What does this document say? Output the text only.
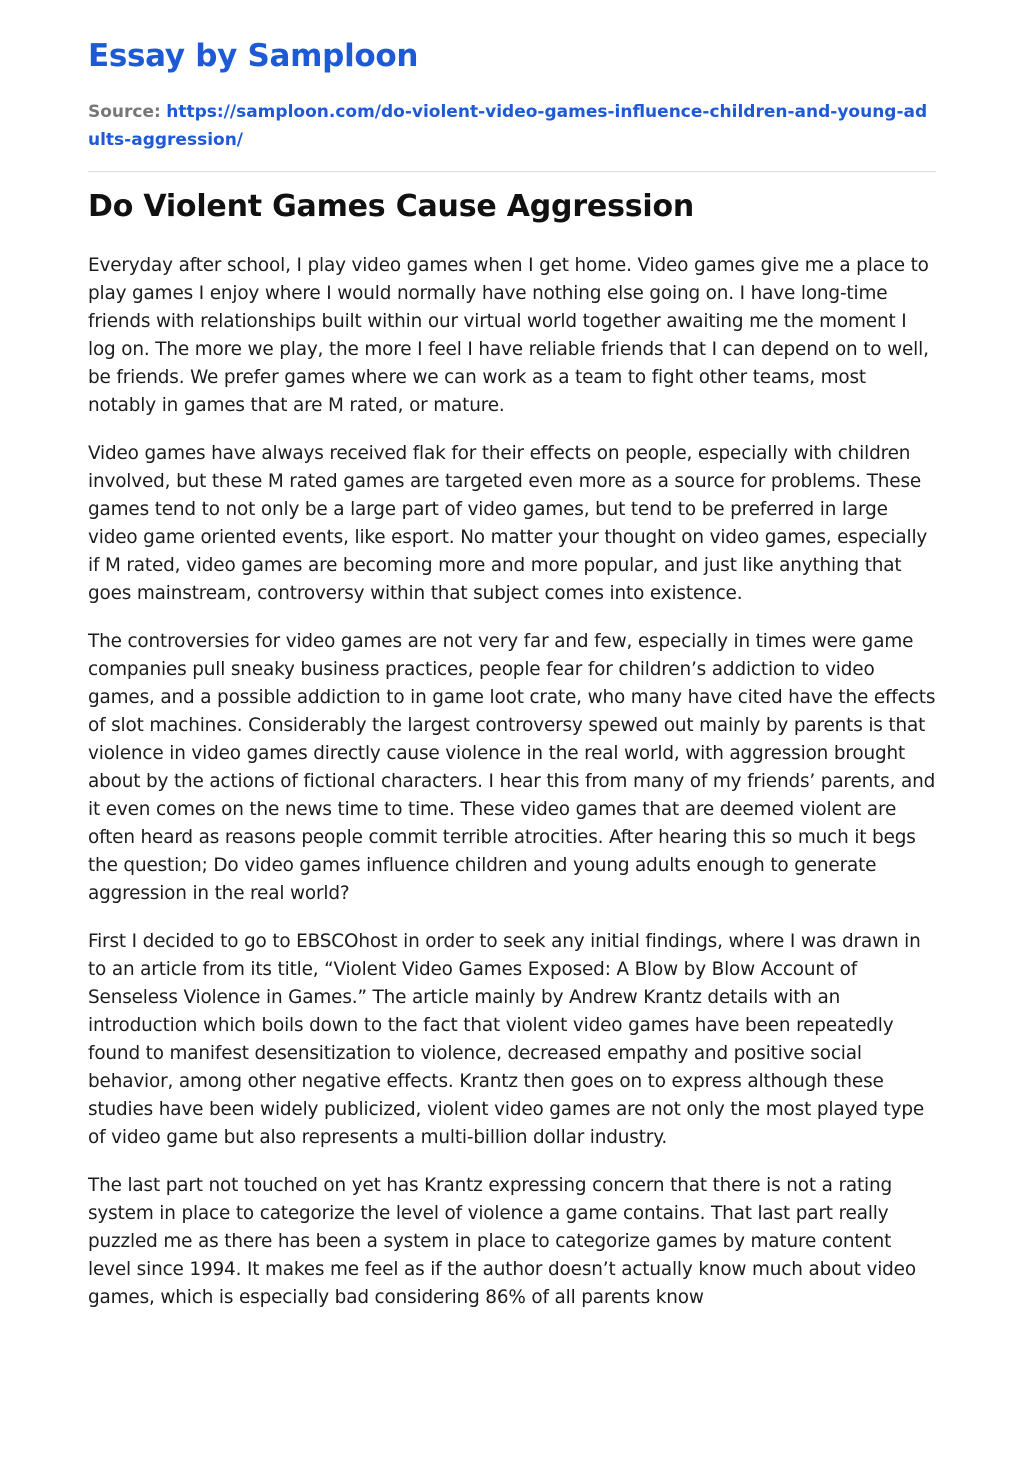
Essay by Samploon
Source: https://samploon.com/do-violent-video-games-influence-children-and-young-adults-aggression/
Do Violent Games Cause Aggression

Everyday after school, I play video games when I get home. Video games give me a place to play games I enjoy where I would normally have nothing else going on. I have long-time friends with relationships built within our virtual world together awaiting me the moment I log on. The more we play, the more I feel I have reliable friends that I can depend on to well, be friends. We prefer games where we can work as a team to fight other teams, most notably in games that are M rated, or mature.

Video games have always received flak for their effects on people, especially with children involved, but these M rated games are targeted even more as a source for problems. These games tend to not only be a large part of video games, but tend to be preferred in large video game oriented events, like esport. No matter your thought on video games, especially if M rated, video games are becoming more and more popular, and just like anything that goes mainstream, controversy within that subject comes into existence.

The controversies for video games are not very far and few, especially in times were game companies pull sneaky business practices, people fear for children’s addiction to video games, and a possible addiction to in game loot crate, who many have cited have the effects of slot machines. Considerably the largest controversy spewed out mainly by parents is that violence in video games directly cause violence in the real world, with aggression brought about by the actions of fictional characters. I hear this from many of my friends’ parents, and it even comes on the news time to time. These video games that are deemed violent are often heard as reasons people commit terrible atrocities. After hearing this so much it begs the question; Do video games influence children and young adults enough to generate aggression in the real world?

First I decided to go to EBSCOhost in order to seek any initial findings, where I was drawn in to an article from its title, “Violent Video Games Exposed: A Blow by Blow Account of Senseless Violence in Games.” The article mainly by Andrew Krantz details with an introduction which boils down to the fact that violent video games have been repeatedly found to manifest desensitization to violence, decreased empathy and positive social behavior, among other negative effects. Krantz then goes on to express although these studies have been widely publicized, violent video games are not only the most played type of video game but also represents a multi-billion dollar industry.

The last part not touched on yet has Krantz expressing concern that there is not a rating system in place to categorize the level of violence a game contains. That last part really puzzled me as there has been a system in place to categorize games by mature content level since 1994. It makes me feel as if the author doesn’t actually know much about video games, which is especially bad considering 86% of all parents know
